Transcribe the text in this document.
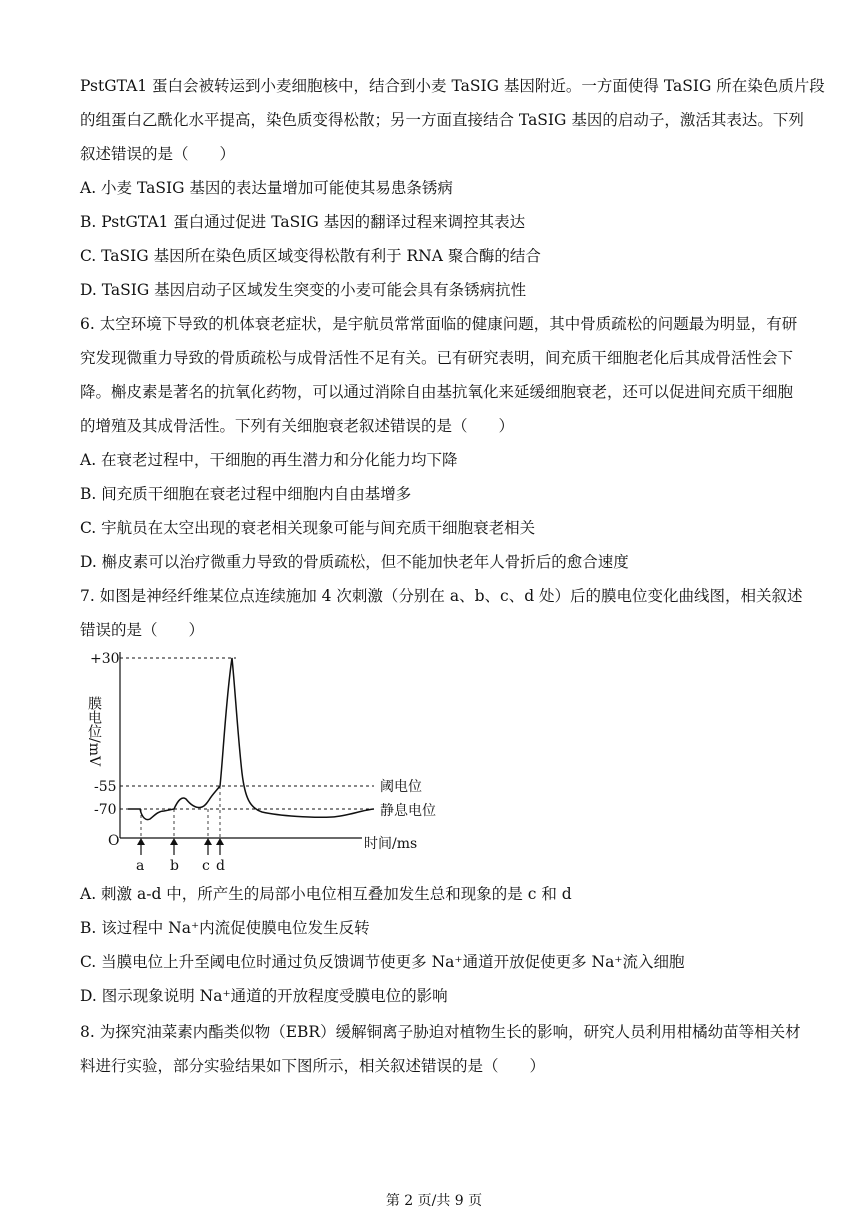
PstGTA1 蛋白会被转运到小麦细胞核中，结合到小麦 TaSIG 基因附近。一方面使得 TaSIG 所在染色质片段
的组蛋白乙酰化水平提高，染色质变得松散；另一方面直接结合 TaSIG 基因的启动子，激活其表达。下列
叙述错误的是（　　）
A. 小麦 TaSIG 基因的表达量增加可能使其易患条锈病
B. PstGTA1 蛋白通过促进 TaSIG 基因的翻译过程来调控其表达
C. TaSIG 基因所在染色质区域变得松散有利于 RNA 聚合酶的结合
D. TaSIG 基因启动子区域发生突变的小麦可能会具有条锈病抗性
6. 太空环境下导致的机体衰老症状，是宇航员常常面临的健康问题，其中骨质疏松的问题最为明显，有研
究发现微重力导致的骨质疏松与成骨活性不足有关。已有研究表明，间充质干细胞老化后其成骨活性会下
降。槲皮素是著名的抗氧化药物，可以通过消除自由基抗氧化来延缓细胞衰老，还可以促进间充质干细胞
的增殖及其成骨活性。下列有关细胞衰老叙述错误的是（　　）
A. 在衰老过程中，干细胞的再生潜力和分化能力均下降
B. 间充质干细胞在衰老过程中细胞内自由基增多
C. 宇航员在太空出现的衰老相关现象可能与间充质干细胞衰老相关
D. 槲皮素可以治疗微重力导致的骨质疏松，但不能加快老年人骨折后的愈合速度
7. 如图是神经纤维某位点连续施加 4 次刺激（分别在 a、b、c、d 处）后的膜电位变化曲线图，相关叙述
错误的是（　　）
+30
-55
-70
O
膜电位/mV
阈电位
静息电位
时间/ms
a b c d
A. 刺激 a-d 中，所产生的局部小电位相互叠加发生总和现象的是 c 和 d
B. 该过程中 Na⁺内流促使膜电位发生反转
C. 当膜电位上升至阈电位时通过负反馈调节使更多 Na⁺通道开放促使更多 Na⁺流入细胞
D. 图示现象说明 Na⁺通道的开放程度受膜电位的影响
8. 为探究油菜素内酯类似物（EBR）缓解铜离子胁迫对植物生长的影响，研究人员利用柑橘幼苗等相关材
料进行实验，部分实验结果如下图所示，相关叙述错误的是（　　）
第 2 页/共 9 页
